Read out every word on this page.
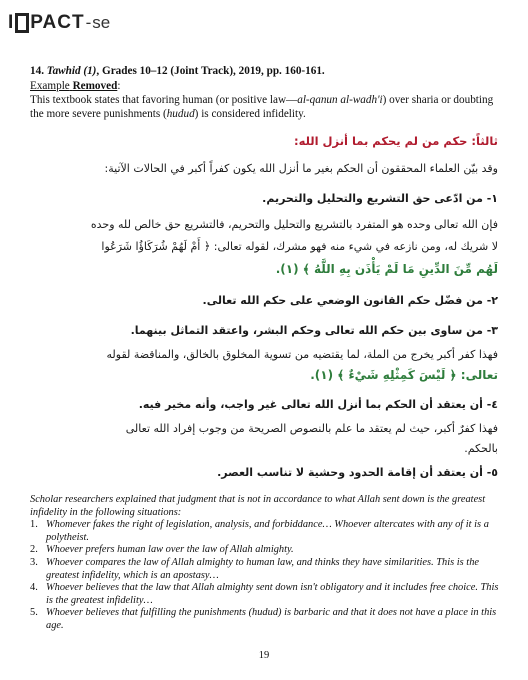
I PACT - se

14. Tawhid (1), Grades 10–12 (Joint Track), 2019, pp. 160-161.

Example Removed:

This textbook states that favoring human (or positive law—al-qanun al-wadh'i) over sharia or doubting the more severe punishments (hudud) is considered infidelity.

ثالثاً: حكم من لم يحكم بما أنزل الله:
وقد بيّن العلماء المحققون أن الحكم بغير ما أنزل الله يكون كفراً أكبر في الحالات الآتية:
١- من ادّعى حق التشريع والتحليل والتحريم.
فإن الله تعالى وحده هو المتفرد بالتشريع والتحليل والتحريم، فالتشريع حق خالص لله وحده
لا شريك له، ومن نازعه في شيء منه فهو مشرك، لقوله تعالى: ﴿ أَمْ لَهُمْ شُرَكَاؤُا شَرَعُوا
لَهُم مِّنَ الدِّينِ مَا لَمْ يَأْذَن بِهِ اللَّهُ ﴾ (١).
٢- من فضّل حكم القانون الوضعي على حكم الله تعالى.
٣- من ساوى بين حكم الله تعالى وحكم البشر، واعتقد التماثل بينهما.
فهذا كفر أكبر يخرج من الملة، لما يقتضيه من تسوية المخلوق بالخالق، والمناقضة لقوله
تعالى: ﴿ لَيْسَ كَمِثْلِهِ شَيْءٌ ﴾ (١).
٤- أن يعتقد أن الحكم بما أنزل الله تعالى غير واجب، وأنه مخير فيه.
فهذا كفرٌ أكبر، حيث لم يعتقد ما علم بالنصوص الصريحة من وجوب إفراد الله تعالى
بالحكم.
٥- أن يعتقد أن إقامة الحدود وحشية لا تناسب العصر.

Scholar researchers explained that judgment that is not in accordance to what Allah sent down is the greatest infidelity in the following situations:

1. Whomever fakes the right of legislation, analysis, and forbiddance… Whoever altercates with any of it is a polytheist.
2. Whoever prefers human law over the law of Allah almighty.
3. Whoever compares the law of Allah almighty to human law, and thinks they have similarities. This is the greatest infidelity, which is an apostasy…
4. Whoever believes that the law that Allah almighty sent down isn't obligatory and it includes free choice. This is the greatest infidelity…
5. Whoever believes that fulfilling the punishments (hudud) is barbaric and that it does not have a place in this age.
19
